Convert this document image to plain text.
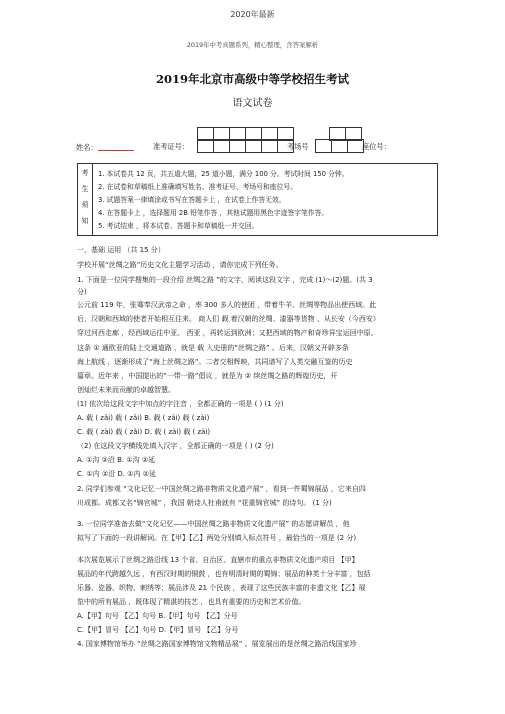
2020年最新
2019年中考真题系列，精心整理，含答案解析
2019年北京市高级中等学校招生考试
语文试卷
姓名：	准考证号：	考场号	座位号：
考
生
须
知
1. 本试卷共 12 页，共五道大题，25 道小题，满分 100 分。考试时间 150 分钟。
2. 在试卷和草稿纸上准确填写姓名、准考证号、考场号和座位号。
3. 试题答案一律填涂或书写在答题卡上 ，在试卷上作答无效。
4. 在答题卡上 ，选择题用 2B 铅笔作答 ，其他试题用黑色字迹签字笔作答。
5. 考试结束 ，将本试卷、答题卡和草稿纸一并交回。
一，基础 运用 （共 15 分）
学校开展“丝绸之路”历史文化主题学习活动 ，请你完成下列任务。
1. 下面是一位同学搜集的一段介绍 丝绸之路 ”的文字，阅读这段文字 ，完成 (1)～(2)题。(共 3
分)
公元前 119 年，张骞奉汉武帝之命 ，率 300 多人的使团 ，带着牛羊、丝绸等物品出使西域。此
后，汉朝和西域的使者开始相互往来。 商人们 载 着汉朝的丝绸、漆器等货物 ，从长安（今西安）
穿过河西走廊 ，经西域运往中亚、 西亚 ，再转运到欧洲；又把西域的物产和奇珍异宝运回中原。
这条 ① 通欧亚的陆上交通道路 ，就是 载 入史册的“丝绸之路” 。后来，汉朝又开辟多条
海上航线 ，逐渐形成了“海上丝绸之路”。二者交相辉映，共同谱写了人类交融互鉴的历史
篇章。近年来 ，中国提出的“一带一路”倡议 ，就是为 ② 续丝绸之路的辉煌历史，开
创灿烂未来而贡献的卓越智慧。
(1) 依次给这段文字中加点的字注音 ，全都正确的一项是 ( ) (1 分)
A. 载 ( zǎi) 载 ( zǎi) B. 载 ( zǎi) 载 ( zài)
C. 载 ( zài) 载 ( zǎi) D. 载 ( zài) 载 ( zài)
（2) 在这段文字横线处填入汉字 ，全都正确的一项是 ( ) (2 分)
A. ①沟 ②沿 B. ①沟 ②延
C. ①内 ②沿 D. ①内 ②延
2. 同学们参观 “文化记忆一中国丝绸之路非物质文化遗产展” ，看到一件蜀锦展品 ，它来自四
川成都。成都又名“锦官城” ，我国 朝诗人杜甫就有 “花重锦官城” 的诗句。 (1 分)
3. 一位同学准备去做“文化记忆——中国丝绸之路非物质文化遗产展” 的志愿讲解员 ，他
拟写了下面的一段讲解词。在【甲】【乙】两处分别填入标点符号 ，最恰当的一项是 (2 分)
本次展览展示了丝绸之路沿线 13 个省、自治区、直辖市的重点非物质文化遗产项目 【甲】
展品的年代跨越久远 ，有西汉时期的铜鼓 ，也有明清时期的蜀锦；展品的种类十分丰富 ，包括
乐器、瓷器、织物、刺绣等；展品涉及 21 个民族 ，表现了这些民族丰富的非遗文化【乙】展
览中的所有展品 ，既体现了精湛的技艺 ，也具有重要的历史和艺术价值。
A.【甲】句号 【乙】句号 B.【甲】句号 【乙】分号
C.【甲】冒号 【乙】句号 D.【甲】冒号 【乙】分号
4. 国家博物馆举办 “丝绸之路国家博物馆文物精品展” 。展览展出的是丝绸之路沿线国家珍
